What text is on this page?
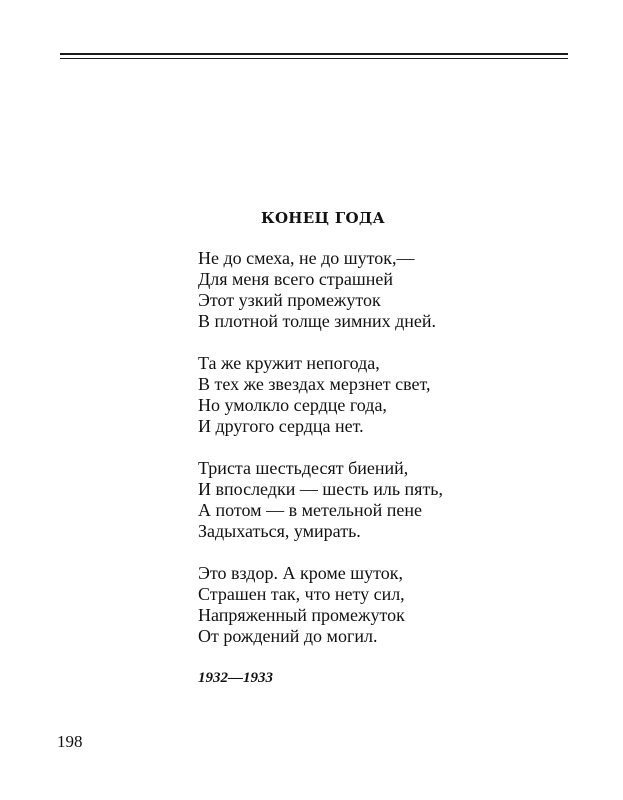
КОНЕЦ ГОДА
Не до смеха, не до шуток,—
Для меня всего страшней
Этот узкий промежуток
В плотной толще зимних дней.
Та же кружит непогода,
В тех же звездах мерзнет свет,
Но умолкло сердце года,
И другого сердца нет.
Триста шестьдесят биений,
И впоследки — шесть иль пять,
А потом — в метельной пене
Задыхаться, умирать.
Это вздор. А кроме шуток,
Страшен так, что нету сил,
Напряженный промежуток
От рождений до могил.
1932—1933
198
